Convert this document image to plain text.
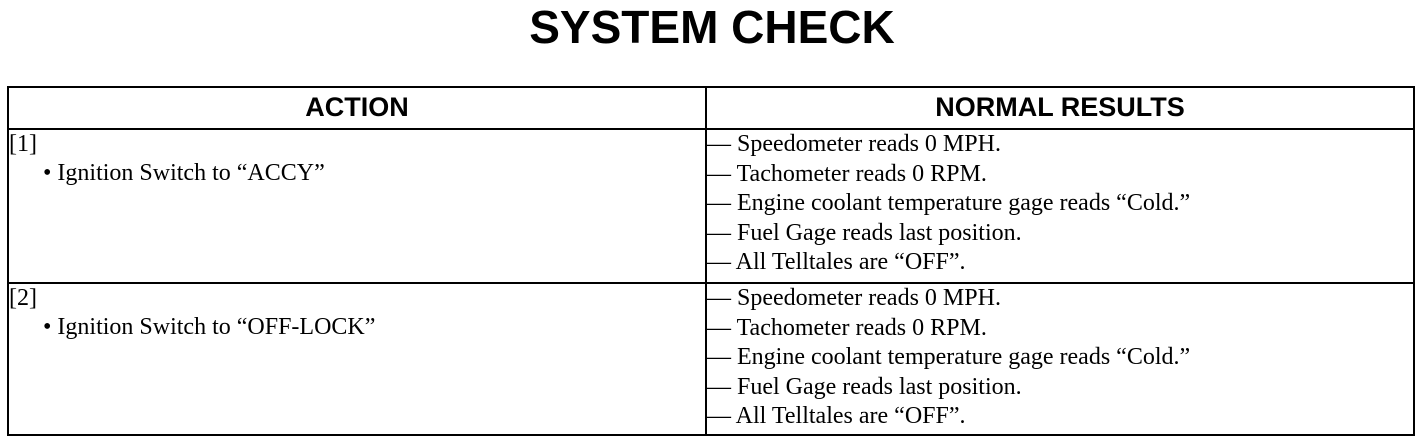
SYSTEM CHECK
ACTION	NORMAL RESULTS

[1]
• Ignition Switch to “ACCY”	— Speedometer reads 0 MPH.
— Tachometer reads 0 RPM.
— Engine coolant temperature gage reads “Cold.”
— Fuel Gage reads last position.
— All Telltales are “OFF”.

[2]
• Ignition Switch to “OFF-LOCK”	— Speedometer reads 0 MPH.
— Tachometer reads 0 RPM.
— Engine coolant temperature gage reads “Cold.”
— Fuel Gage reads last position.
— All Telltales are “OFF”.
